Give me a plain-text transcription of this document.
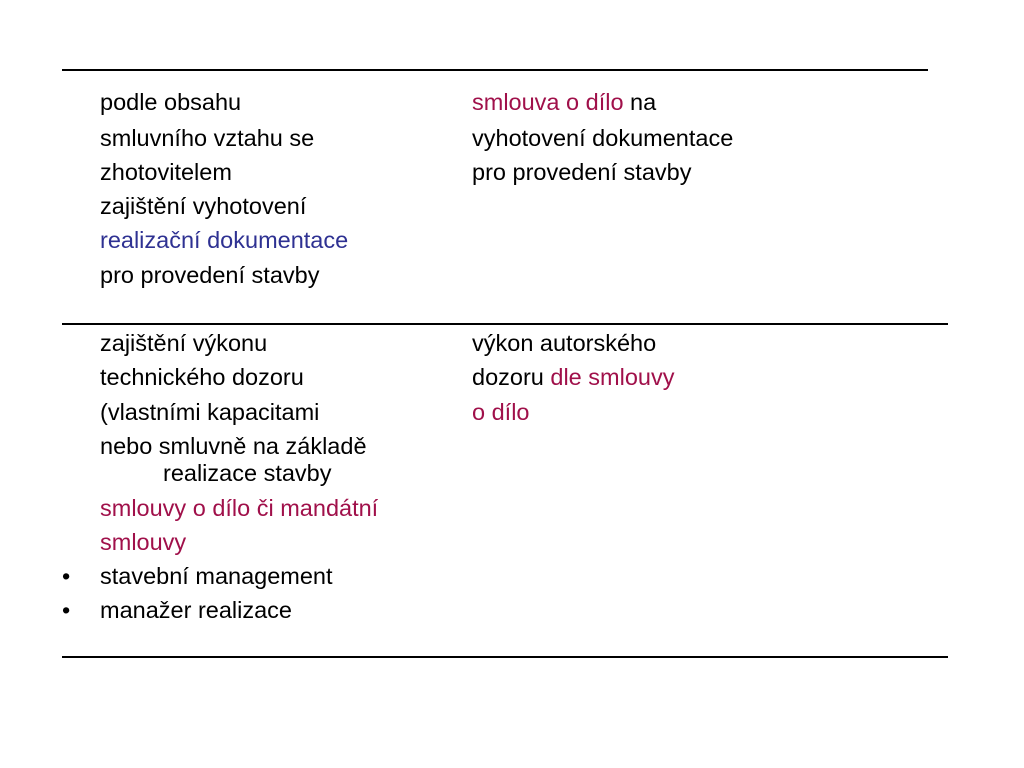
podle obsahu
smluvního vztahu se
zhotovitelem
zajištění vyhotovení
realizační dokumentace
pro provedení stavby
smlouva o dílo na
vyhotovení dokumentace
pro provedení stavby
zajištění výkonu
technického dozoru
(vlastními kapacitami
nebo smluvně na základě
realizace stavby
smlouvy o dílo či mandátní
smlouvy
• stavební management
• manažer realizace
výkon autorského
dozoru dle smlouvy
o dílo
